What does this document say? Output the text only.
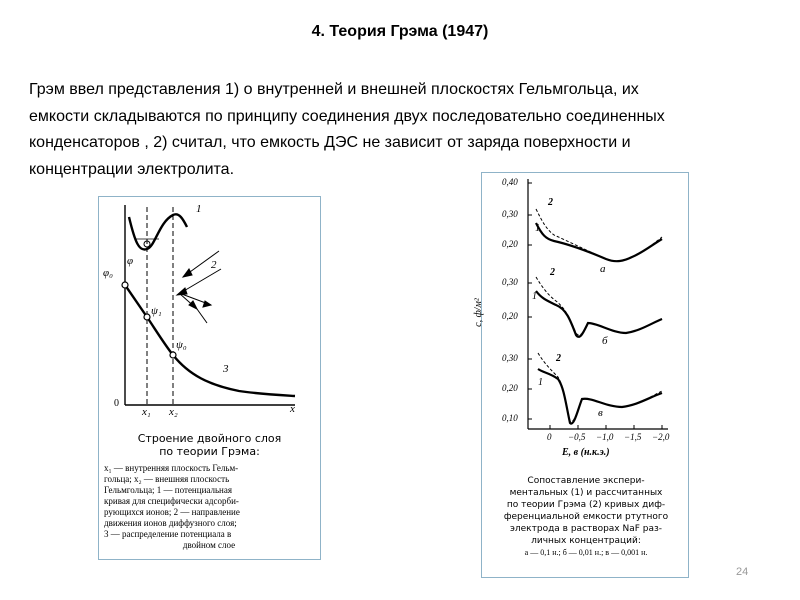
4. Теория Грэма (1947)
Грэм ввел представления 1) о внутренней и внешней плоскостях Гельмгольца, их
емкости складываются по принципу соединения двух последовательно соединенных
конденсаторов , 2) считал, что емкость ДЭС не зависит от заряда поверхности и
концентрации электролита.
1
2
3
φ
φ₀
ψ₁
ψ₀
0
x₁ x₂	x
Строение двойного слоя
по теории Грэма:
x₁ — внутренняя плоскость Гельм-
гольца; x₂ — внешняя плоскость
Гельмгольца; 1 — потенциальная
кривая для специфически адсорби-
рующихся ионов; 2 — направление
движения ионов диффузного слоя;
3 — распределение потенциала в
двойном слое
0,40
0,30
0,20
0,30
0,20
0,30
0,20
0,10
c, ф/м²
2
1
2
1
2
1
а
б
в
0 −0,5 −1,0 −1,5 −2,0
E, в (н.к.э.)
Сопоставление экспери-
ментальных (1) и рассчитанных
по теории Грэма (2) кривых диф-
ференциальной емкости ртутного
электрода в растворах NaF раз-
личных концентраций:
а — 0,1 н.; б — 0,01 н.; в — 0,001 н.
24
